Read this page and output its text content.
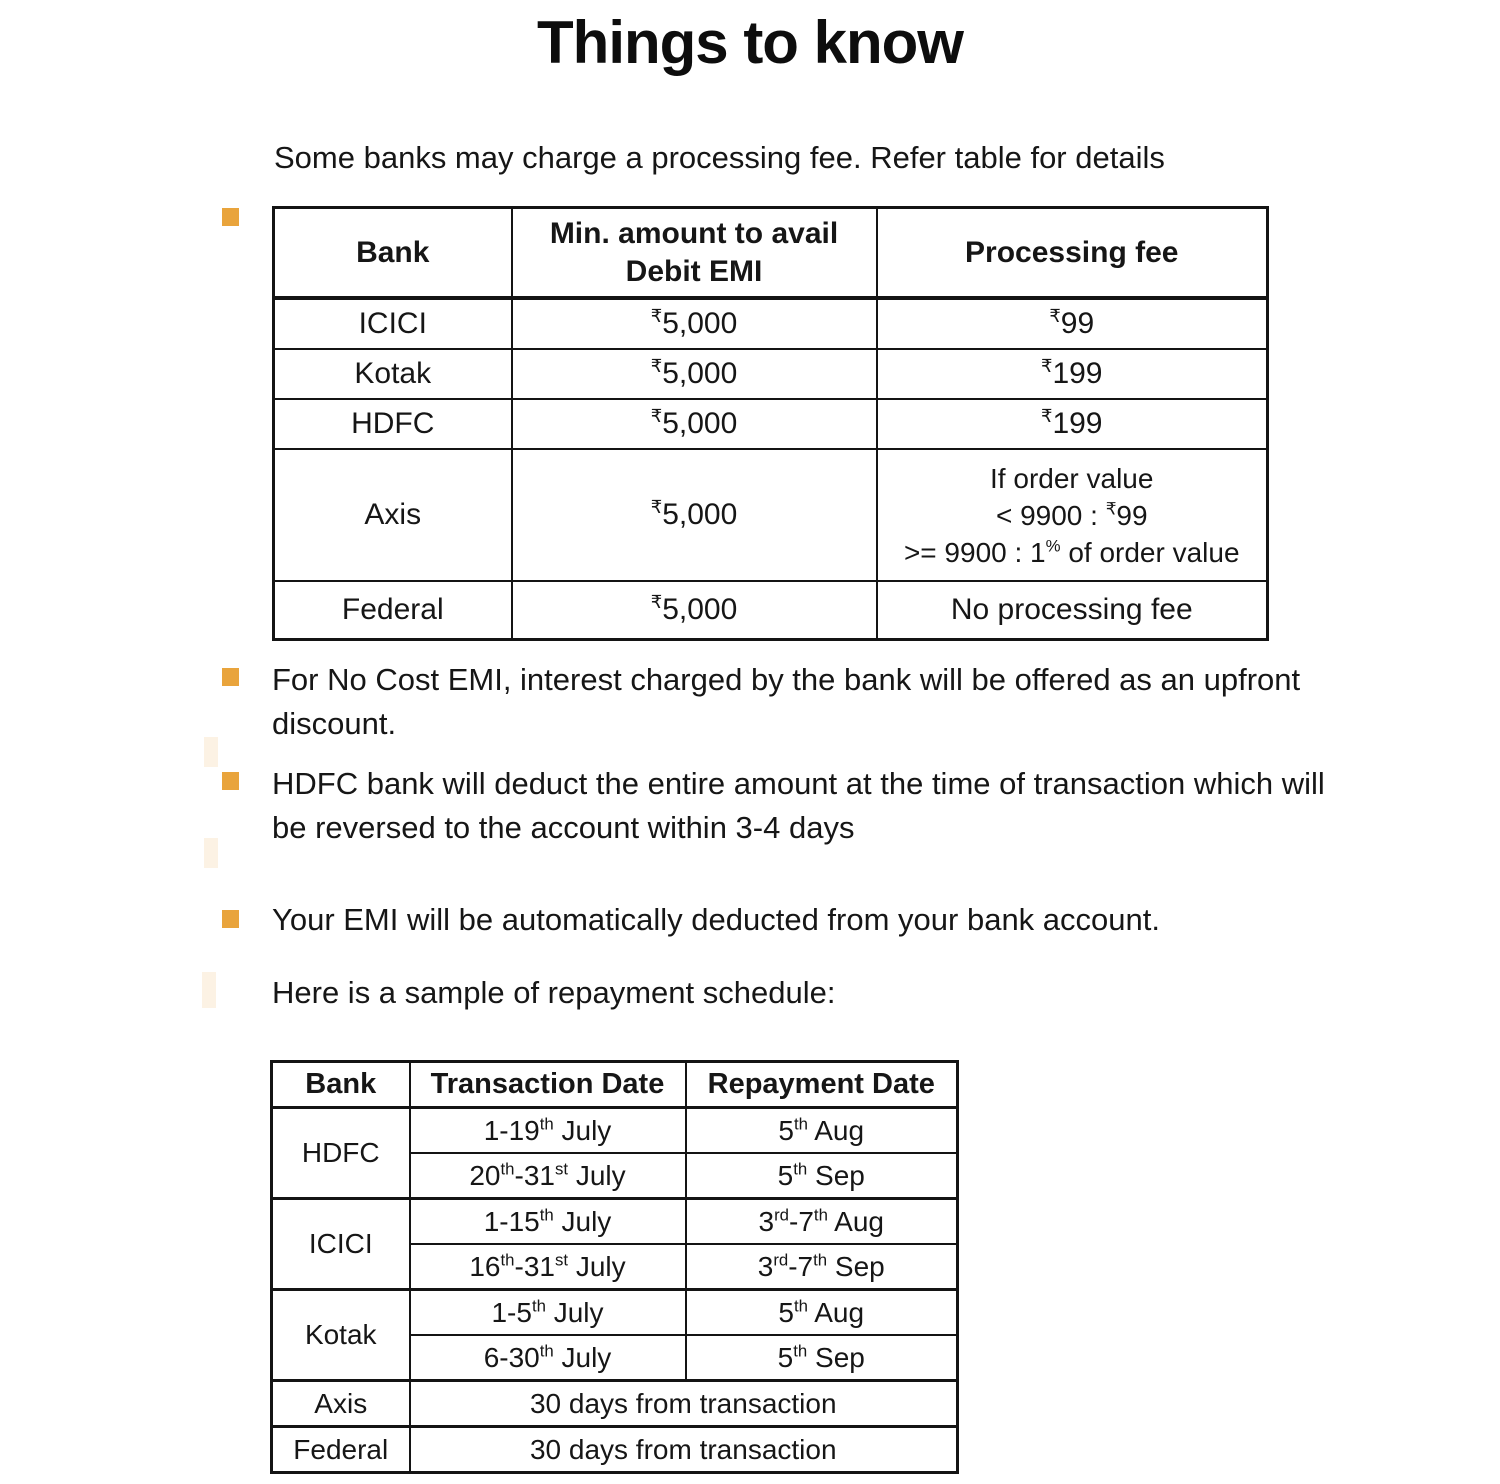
Things to know
Some banks may charge a processing fee. Refer table for details
Bank	Min. amount to avail Debit EMI	Processing fee
ICICI	₹5,000	₹99
Kotak	₹5,000	₹199
HDFC	₹5,000	₹199
Axis	₹5,000	If order value
< 9900 : ₹99
>= 9900 : 1% of order value

Federal	₹5,000	No processing fee
For No Cost EMI, interest charged by the bank will be offered as an upfront discount.
HDFC bank will deduct the entire amount at the time of transaction which will be reversed to the account within 3-4 days
Your EMI will be automatically deducted from your bank account.
Here is a sample of repayment schedule:
Bank	Transaction Date	Repayment Date
HDFC	1-19th July	5th Aug
	20th-31st July	5th Sep
ICICI	1-15th July	3rd-7th Aug
	16th-31st July	3rd-7th Sep
Kotak	1-5th July	5th Aug
	6-30th July	5th Sep
Axis	30 days from transaction	
Federal	30 days from transaction	
